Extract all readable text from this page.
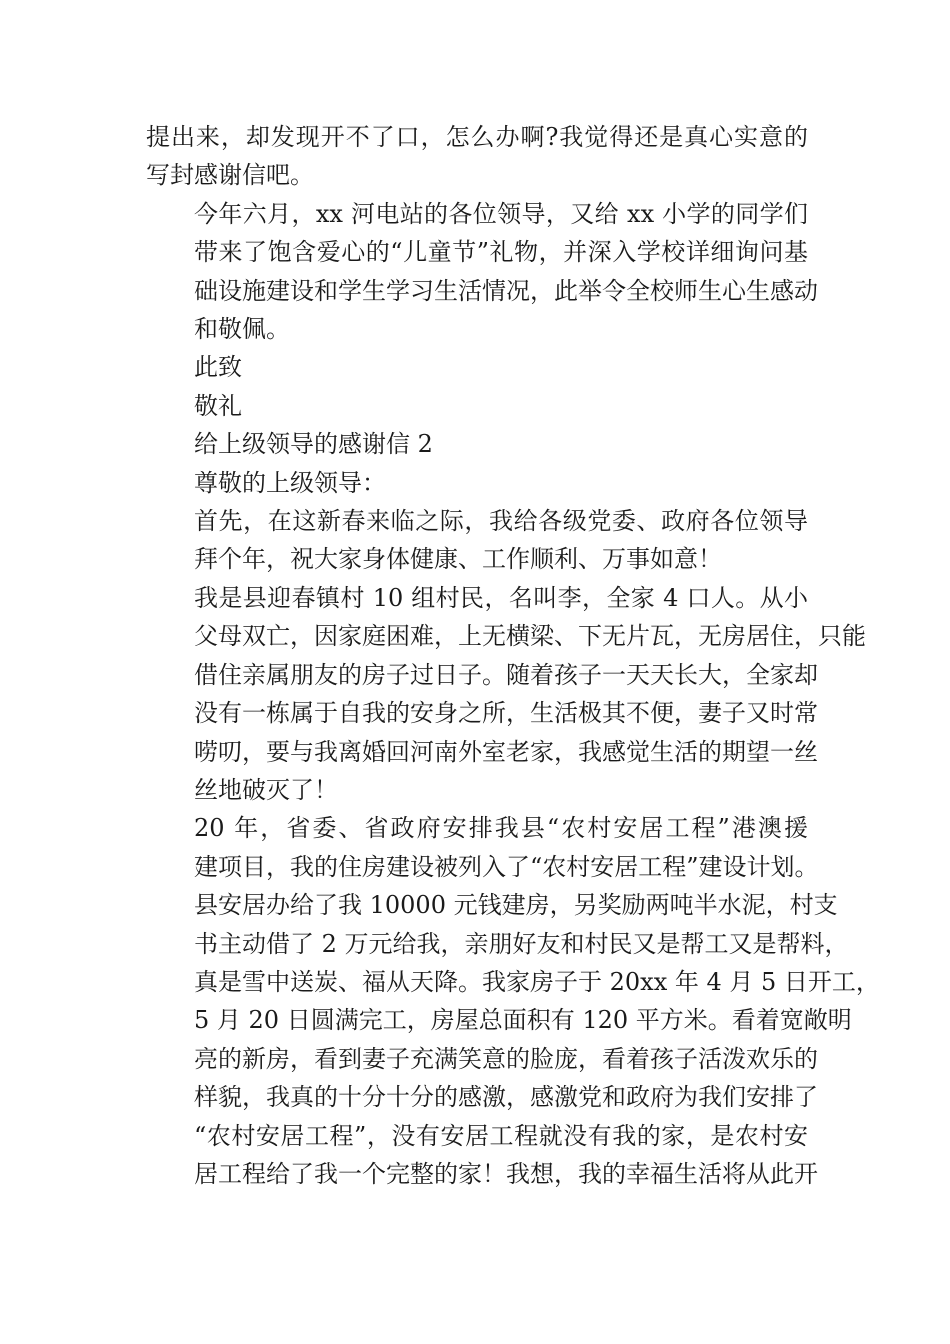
提出来，却发现开不了口，怎么办啊?我觉得还是真心实意的
写封感谢信吧。
今年六月，xx 河电站的各位领导，又给 xx 小学的同学们
带来了饱含爱心的“儿童节”礼物，并深入学校详细询问基
础设施建设和学生学习生活情况，此举令全校师生心生感动
和敬佩。
此致
敬礼
给上级领导的感谢信 2
尊敬的上级领导：
首先，在这新春来临之际，我给各级党委、政府各位领导
拜个年，祝大家身体健康、工作顺利、万事如意！
我是县迎春镇村 10 组村民，名叫李，全家 4 口人。从小
父母双亡，因家庭困难，上无横梁、下无片瓦，无房居住，只能
借住亲属朋友的房子过日子。随着孩子一天天长大，全家却
没有一栋属于自我的安身之所，生活极其不便，妻子又时常
唠叨，要与我离婚回河南外室老家，我感觉生活的期望一丝
丝地破灭了！
20 年，省委、省政府安排我县“农村安居工程”港澳援
建项目，我的住房建设被列入了“农村安居工程”建设计划。
县安居办给了我 10000 元钱建房，另奖励两吨半水泥，村支
书主动借了 2 万元给我，亲朋好友和村民又是帮工又是帮料，
真是雪中送炭、福从天降。我家房子于 20xx 年 4 月 5 日开工，
5 月 20 日圆满完工，房屋总面积有 120 平方米。看着宽敞明
亮的新房，看到妻子充满笑意的脸庞，看着孩子活泼欢乐的
样貌，我真的十分十分的感激，感激党和政府为我们安排了
“农村安居工程”，没有安居工程就没有我的家，是农村安
居工程给了我一个完整的家！我想，我的幸福生活将从此开
